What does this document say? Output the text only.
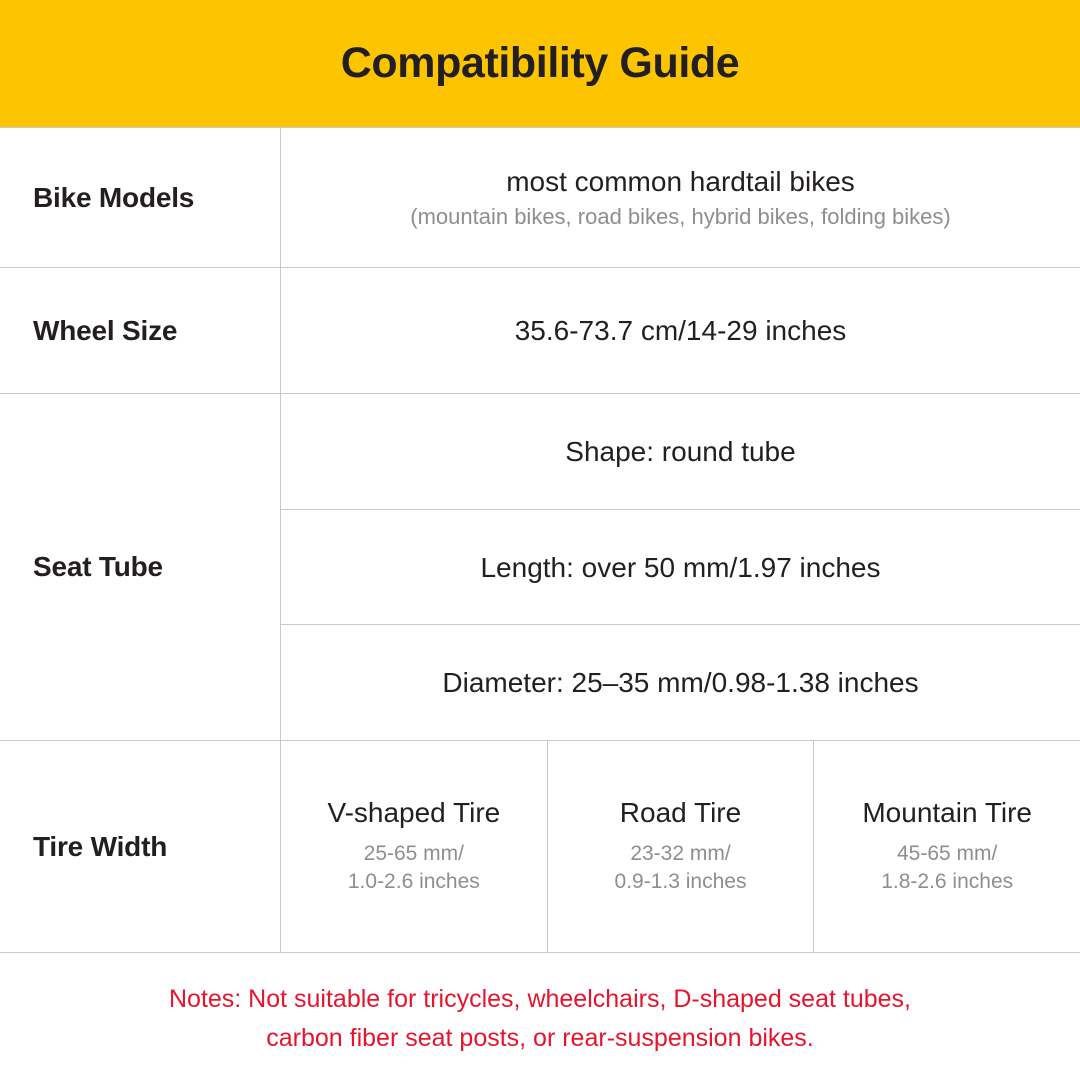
Compatibility Guide
Bike Models
most common hardtail bikes
(mountain bikes, road bikes, hybrid bikes, folding bikes)
Wheel Size	35.6-73.7 cm/14-29 inches
Seat Tube
Shape: round tube
Length: over 50 mm/1.97 inches
Diameter: 25–35 mm/0.98-1.38 inches
Tire Width
V-shaped Tire
25-65 mm/
1.0-2.6 inches
Road Tire
23-32 mm/
0.9-1.3 inches
Mountain Tire
45-65 mm/
1.8-2.6 inches
Notes: Not suitable for tricycles, wheelchairs, D-shaped seat tubes,
carbon fiber seat posts, or rear-suspension bikes.
